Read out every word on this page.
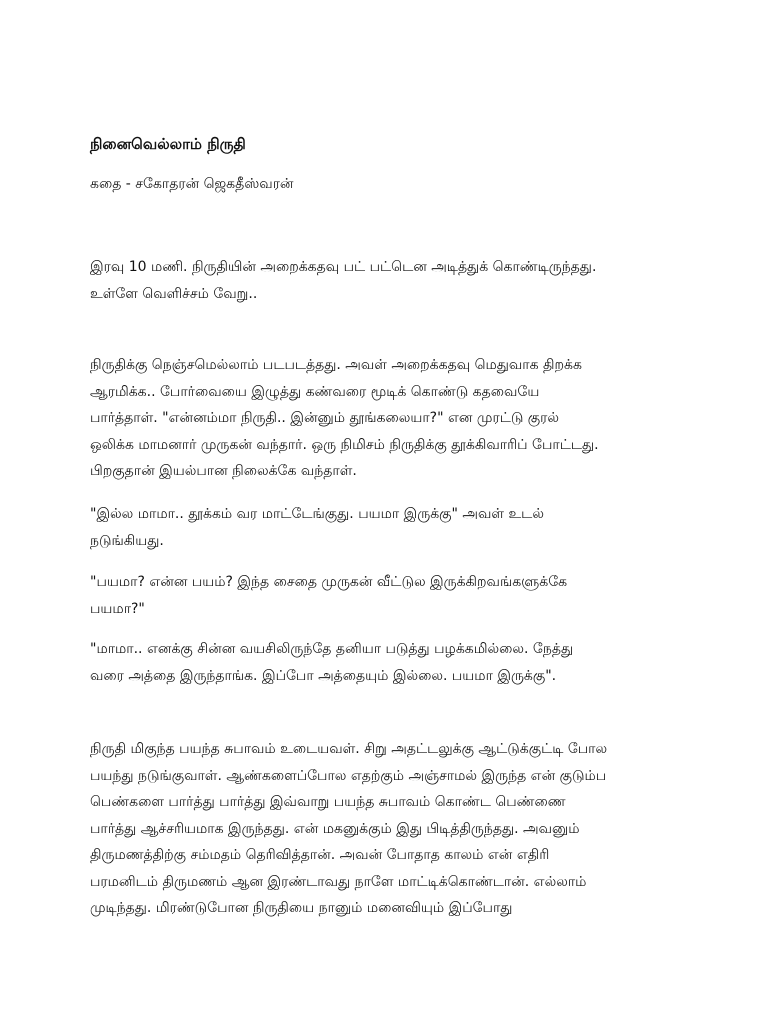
நினைவெல்லாம் நிருதி
கதை - சகோதரன் ஜெகதீஸ்வரன்

இரவு 10 மணி. நிருதியின் அறைக்கதவு பட் பட்டென அடித்துக் கொண்டிருந்தது.
உள்ளே வெளிச்சம் வேறு..

நிருதிக்கு நெஞ்சமெல்லாம் படபடத்தது. அவள் அறைக்கதவு மெதுவாக திறக்க
ஆரமிக்க.. போர்வையை இழுத்து கண்வரை மூடிக் கொண்டு கதவையே
பார்த்தாள். "என்னம்மா நிருதி.. இன்னும் தூங்கலையா?" என முரட்டு குரல்
ஒலிக்க மாமனார் முருகன் வந்தார். ஒரு நிமிசம் நிருதிக்கு தூக்கிவாரிப் போட்டது.
பிறகுதான் இயல்பான நிலைக்கே வந்தாள்.

"இல்ல மாமா.. தூக்கம் வர மாட்டேங்குது. பயமா இருக்கு" அவள் உடல்
நடுங்கியது.

"பயமா? என்ன பயம்? இந்த சைதை முருகன் வீட்டுல இருக்கிறவங்களுக்கே
பயமா?"

"மாமா.. எனக்கு சின்ன வயசிலிருந்தே தனியா படுத்து பழக்கமில்லை. நேத்து
வரை அத்தை இருந்தாங்க. இப்போ அத்தையும் இல்லை. பயமா இருக்கு".

நிருதி மிகுந்த பயந்த சுபாவம் உடையவள். சிறு அதட்டலுக்கு ஆட்டுக்குட்டி போல
பயந்து நடுங்குவாள். ஆண்களைப்போல எதற்கும் அஞ்சாமல் இருந்த என் குடும்ப
பெண்களை பார்த்து பார்த்து இவ்வாறு பயந்த சுபாவம் கொண்ட பெண்ணை
பார்த்து ஆச்சரியமாக இருந்தது. என் மகனுக்கும் இது பிடித்திருந்தது. அவனும்
திருமணத்திற்கு சம்மதம் தெரிவித்தான். அவன் போதாத காலம் என் எதிரி
பரமனிடம் திருமணம் ஆன இரண்டாவது நாளே மாட்டிக்கொண்டான். எல்லாம்
முடிந்தது. மிரண்டுபோன நிருதியை நானும் மனைவியும் இப்போது
